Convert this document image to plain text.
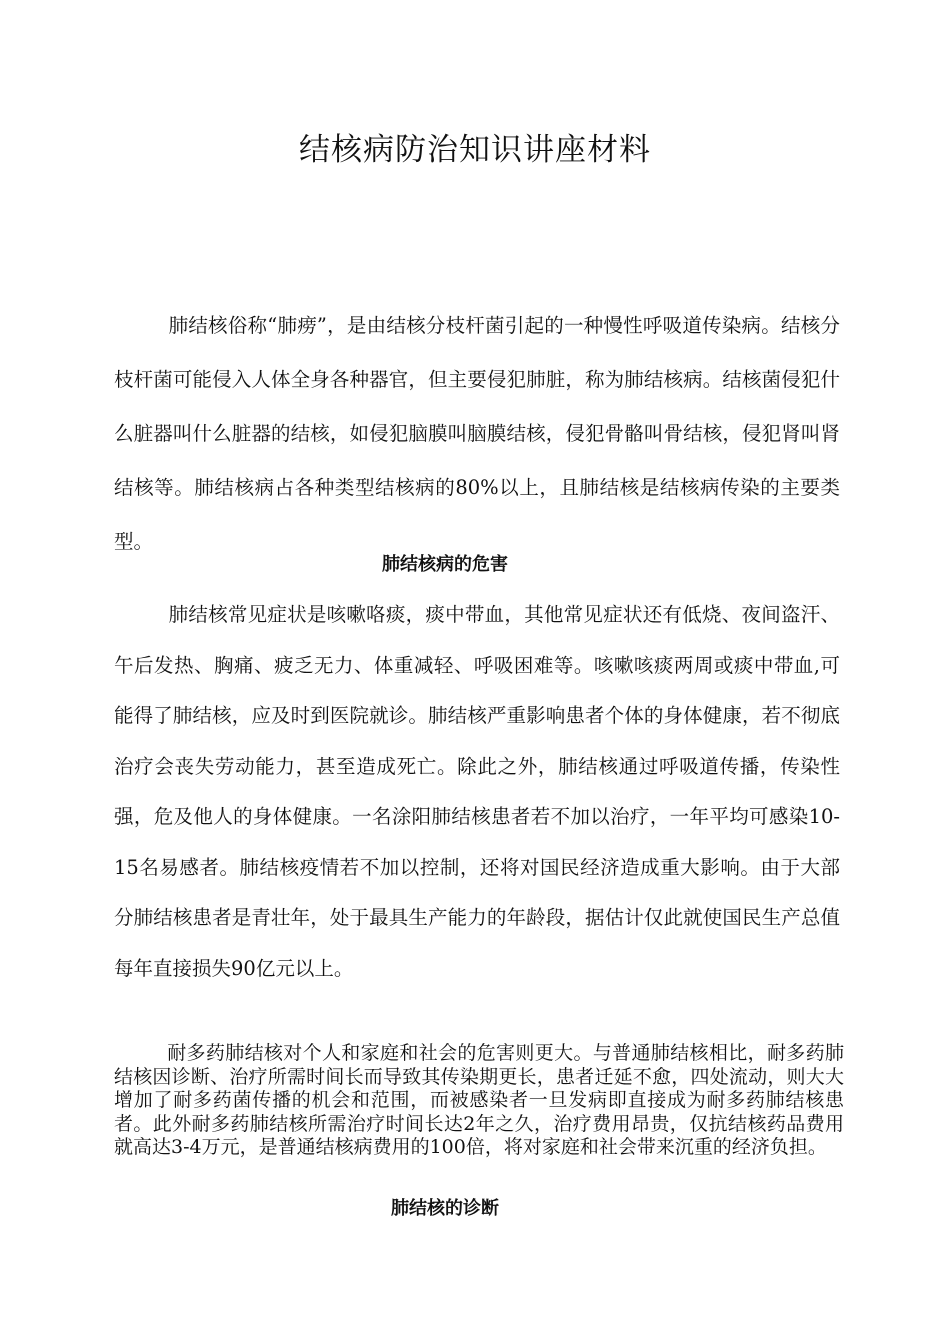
结核病防治知识讲座材料

肺结核俗称“肺痨”，是由结核分枝杆菌引起的一种慢性呼吸道传染病。结核分枝杆菌可能侵入人体全身各种器官，但主要侵犯肺脏，称为肺结核病。结核菌侵犯什么脏器叫什么脏器的结核，如侵犯脑膜叫脑膜结核，侵犯骨骼叫骨结核，侵犯肾叫肾结核等。肺结核病占各种类型结核病的80%以上，且肺结核是结核病传染的主要类型。

肺结核病的危害

肺结核常见症状是咳嗽咯痰，痰中带血，其他常见症状还有低烧、夜间盗汗、午后发热、胸痛、疲乏无力、体重减轻、呼吸困难等。咳嗽咳痰两周或痰中带血,可能得了肺结核，应及时到医院就诊。肺结核严重影响患者个体的身体健康，若不彻底治疗会丧失劳动能力，甚至造成死亡。除此之外，肺结核通过呼吸道传播，传染性强，危及他人的身体健康。一名涂阳肺结核患者若不加以治疗，一年平均可感染10-15名易感者。肺结核疫情若不加以控制，还将对国民经济造成重大影响。由于大部分肺结核患者是青壮年，处于最具生产能力的年龄段，据估计仅此就使国民生产总值每年直接损失90亿元以上。

耐多药肺结核对个人和家庭和社会的危害则更大。与普通肺结核相比，耐多药肺结核因诊断、治疗所需时间长而导致其传染期更长，患者迁延不愈，四处流动，则大大增加了耐多药菌传播的机会和范围，而被感染者一旦发病即直接成为耐多药肺结核患者。此外耐多药肺结核所需治疗时间长达2年之久，治疗费用昂贵，仅抗结核药品费用就高达3-4万元，是普通结核病费用的100倍，将对家庭和社会带来沉重的经济负担。

肺结核的诊断
